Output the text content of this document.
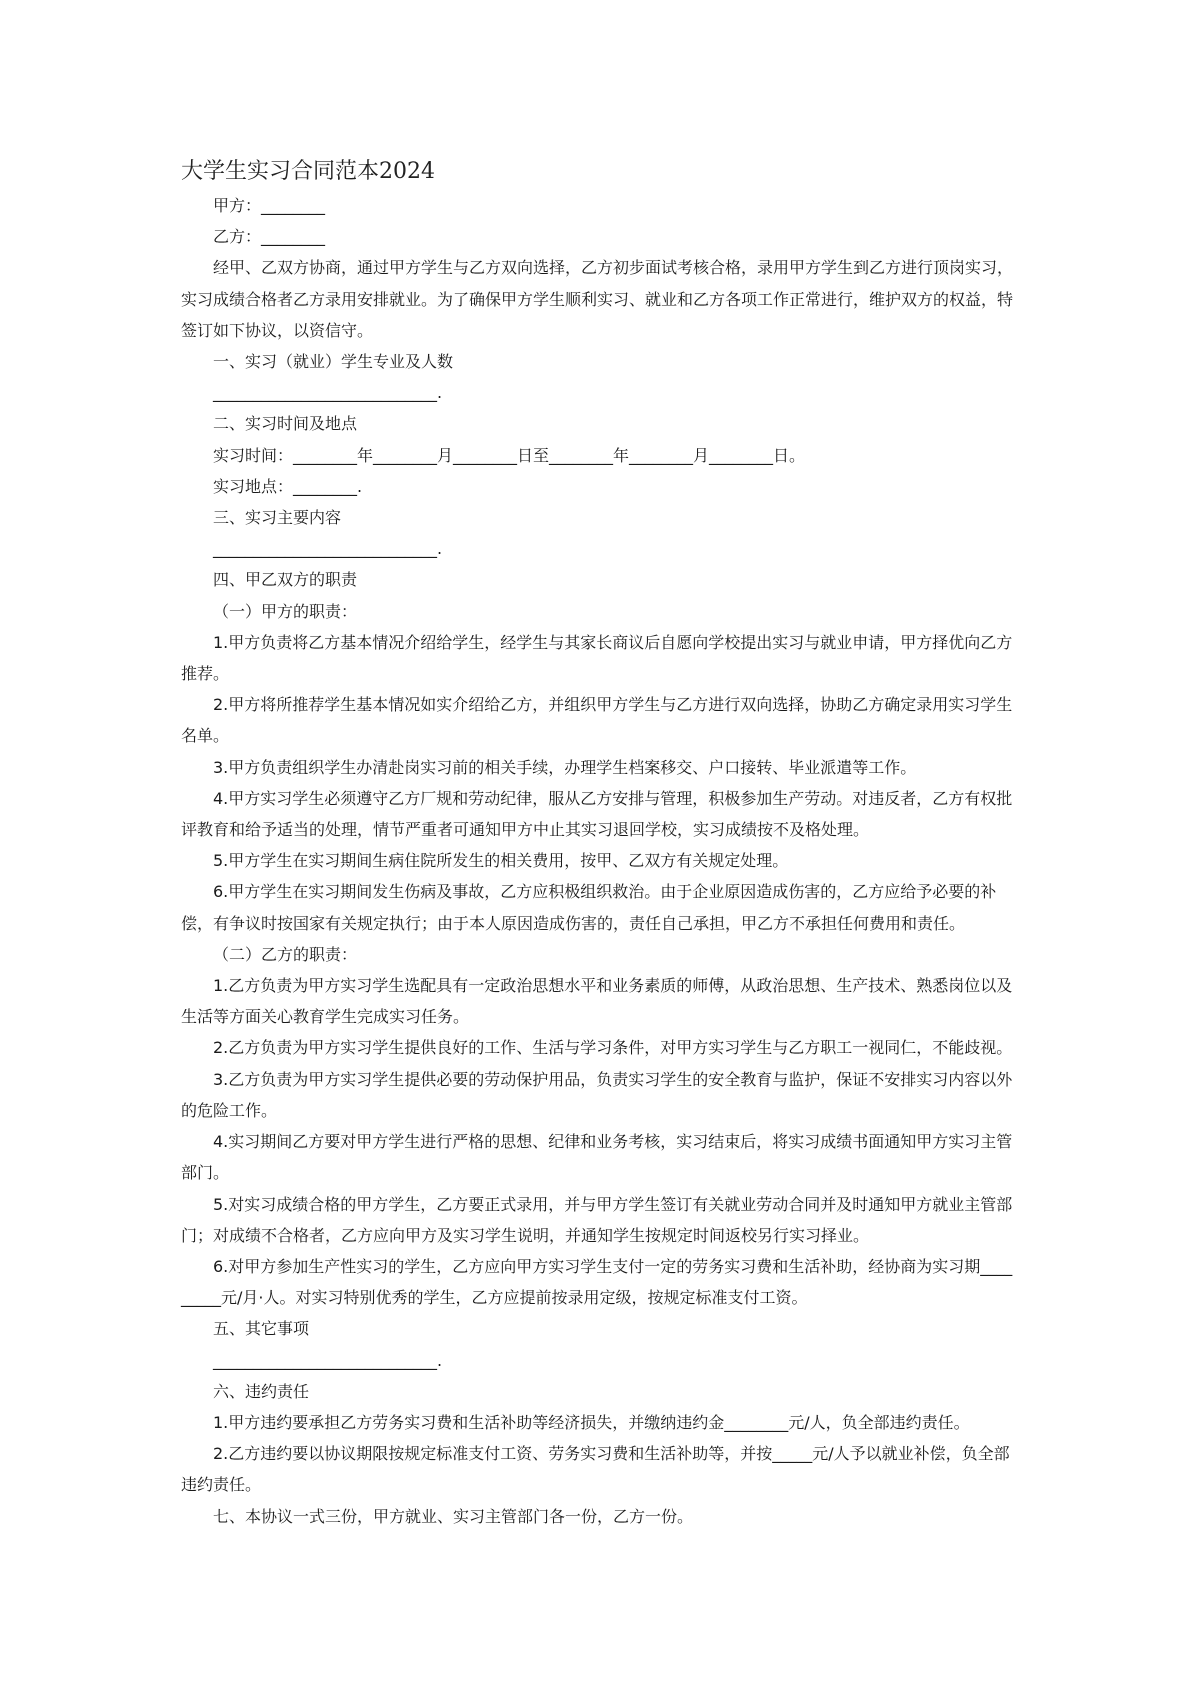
大学生实习合同范本2024

甲方：________

乙方：________

经甲、乙双方协商，通过甲方学生与乙方双向选择，乙方初步面试考核合格，录用甲方学生到乙方进行顶岗实习，实习成绩合格者乙方录用安排就业。为了确保甲方学生顺利实习、就业和乙方各项工作正常进行，维护双方的权益，特签订如下协议，以资信守。

一、实习（就业）学生专业及人数

____________________________.

二、实习时间及地点

实习时间：________年________月________日至________年________月________日。

实习地点：________.

三、实习主要内容

____________________________.

四、甲乙双方的职责

（一）甲方的职责：

1.甲方负责将乙方基本情况介绍给学生，经学生与其家长商议后自愿向学校提出实习与就业申请，甲方择优向乙方推荐。

2.甲方将所推荐学生基本情况如实介绍给乙方，并组织甲方学生与乙方进行双向选择，协助乙方确定录用实习学生名单。

3.甲方负责组织学生办清赴岗实习前的相关手续，办理学生档案移交、户口接转、毕业派遣等工作。

4.甲方实习学生必须遵守乙方厂规和劳动纪律，服从乙方安排与管理，积极参加生产劳动。对违反者，乙方有权批评教育和给予适当的处理，情节严重者可通知甲方中止其实习退回学校，实习成绩按不及格处理。

5.甲方学生在实习期间生病住院所发生的相关费用，按甲、乙双方有关规定处理。

6.甲方学生在实习期间发生伤病及事故，乙方应积极组织救治。由于企业原因造成伤害的，乙方应给予必要的补偿，有争议时按国家有关规定执行；由于本人原因造成伤害的，责任自己承担，甲乙方不承担任何费用和责任。

（二）乙方的职责：

1.乙方负责为甲方实习学生选配具有一定政治思想水平和业务素质的师傅，从政治思想、生产技术、熟悉岗位以及生活等方面关心教育学生完成实习任务。

2.乙方负责为甲方实习学生提供良好的工作、生活与学习条件，对甲方实习学生与乙方职工一视同仁，不能歧视。

3.乙方负责为甲方实习学生提供必要的劳动保护用品，负责实习学生的安全教育与监护，保证不安排实习内容以外的危险工作。

4.实习期间乙方要对甲方学生进行严格的思想、纪律和业务考核，实习结束后，将实习成绩书面通知甲方实习主管部门。

5.对实习成绩合格的甲方学生，乙方要正式录用，并与甲方学生签订有关就业劳动合同并及时通知甲方就业主管部门；对成绩不合格者，乙方应向甲方及实习学生说明，并通知学生按规定时间返校另行实习择业。

6.对甲方参加生产性实习的学生，乙方应向甲方实习学生支付一定的劳务实习费和生活补助，经协商为实习期_________元/月·人。对实习特别优秀的学生，乙方应提前按录用定级，按规定标准支付工资。

五、其它事项

____________________________.

六、违约责任

1.甲方违约要承担乙方劳务实习费和生活补助等经济损失，并缴纳违约金________元/人，负全部违约责任。

2.乙方违约要以协议期限按规定标准支付工资、劳务实习费和生活补助等，并按_____元/人予以就业补偿，负全部违约责任。

七、本协议一式三份，甲方就业、实习主管部门各一份，乙方一份。
